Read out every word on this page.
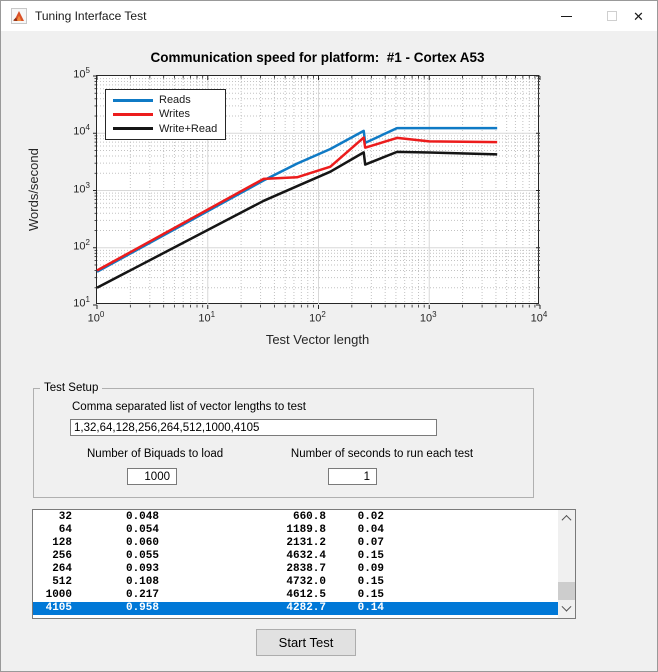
Tuning Interface Test	✕
Communication speed for platform:  #1 - Cortex A53
Reads
Writes
Write+Read
$10^0$	$10^1$	$10^2$	$10^3$	$10^4$
$10^1$
$10^2$
$10^3$
$10^4$
$10^5$
Test Vector length
Words/second
Test Setup
Comma separated list of vector lengths to test
1,32,64,128,256,264,512,1000,4105
Number of Biquads to load
1000	Number of seconds to run each test
1
32	0.048	660.8	0.02
64	0.054	1189.8	0.04
128	0.060	2131.2	0.07
256	0.055	4632.4	0.15
264	0.093	2838.7	0.09
512	0.108	4732.0	0.15
1000	0.217	4612.5	0.15
4105	0.958	4282.7	0.14
Start Test
